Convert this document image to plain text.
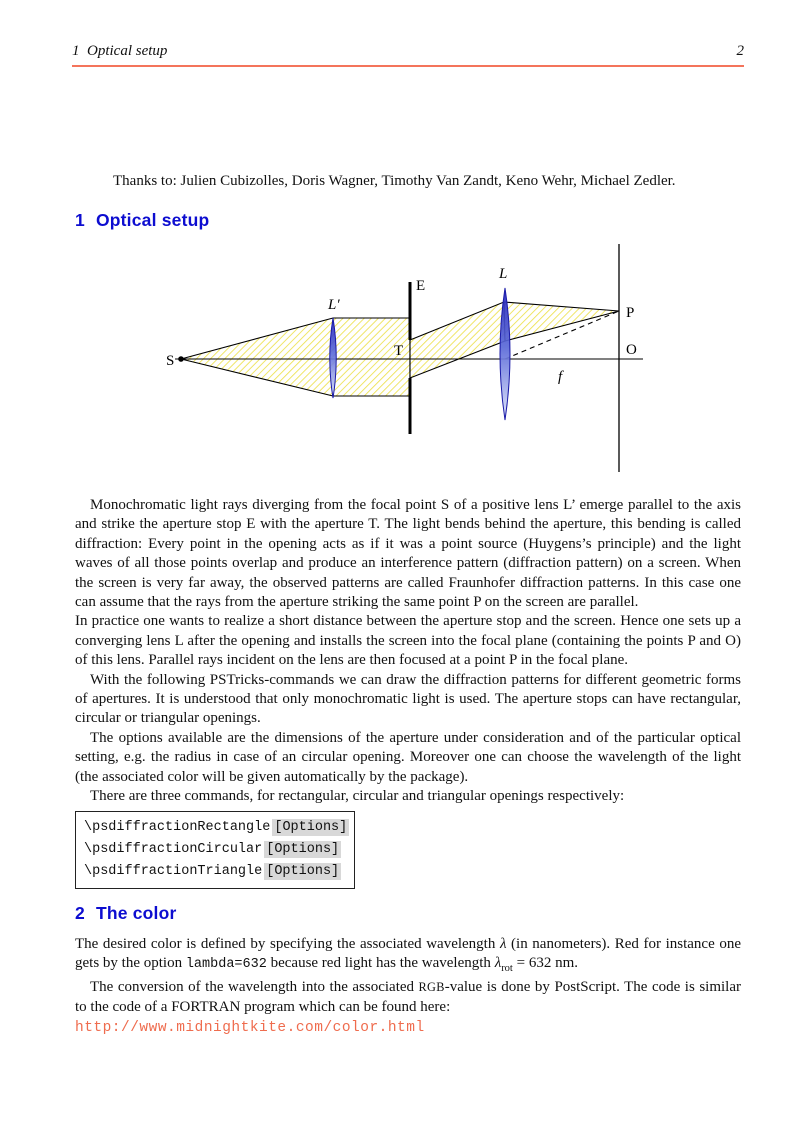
1 Optical setup	2

Thanks to: Julien Cubizolles, Doris Wagner, Timothy Van Zandt, Keno Wehr, Michael Zedler.

1 Optical setup
S
L′
E
T
L
P
O
f

Monochromatic light rays diverging from the focal point S of a positive lens L’ emerge parallel to the axis and strike the aperture stop E with the aperture T. The light bends behind the aperture, this bending is called diffraction: Every point in the opening acts as if it was a point source (Huygens’s principle) and the light waves of all those points overlap and produce an interference pattern (diffraction pattern) on a screen. When the screen is very far away, the observed patterns are called Fraunhofer diffraction patterns. In this case one can assume that the rays from the aperture striking the same point P on the screen are parallel.

In practice one wants to realize a short distance between the aperture stop and the screen. Hence one sets up a converging lens L after the opening and installs the screen into the focal plane (containing the points P and O) of this lens. Parallel rays incident on the lens are then focused at a point P in the focal plane.

With the following PSTricks-commands we can draw the diffraction patterns for different geometric forms of apertures. It is understood that only monochromatic light is used. The aperture stops can have rectangular, circular or triangular openings.

The options available are the dimensions of the aperture under consideration and of the particular optical setting, e.g. the radius in case of an circular opening. Moreover one can choose the wavelength of the light (the associated color will be given automatically by the package).

There are three commands, for rectangular, circular and triangular openings respectively:

\psdiffractionRectangle [Options]
\psdiffractionCircular [Options]
\psdiffractionTriangle [Options]
2 The color

The desired color is defined by specifying the associated wavelength λ (in nanometers). Red for instance one gets by the option lambda=632 because red light has the wavelength $\lambda_{rot} = 632$ nm.

The conversion of the wavelength into the associated RGB-value is done by PostScript. The code is similar to the code of a FORTRAN program which can be found here:

http://www.midnightkite.com/color.html
